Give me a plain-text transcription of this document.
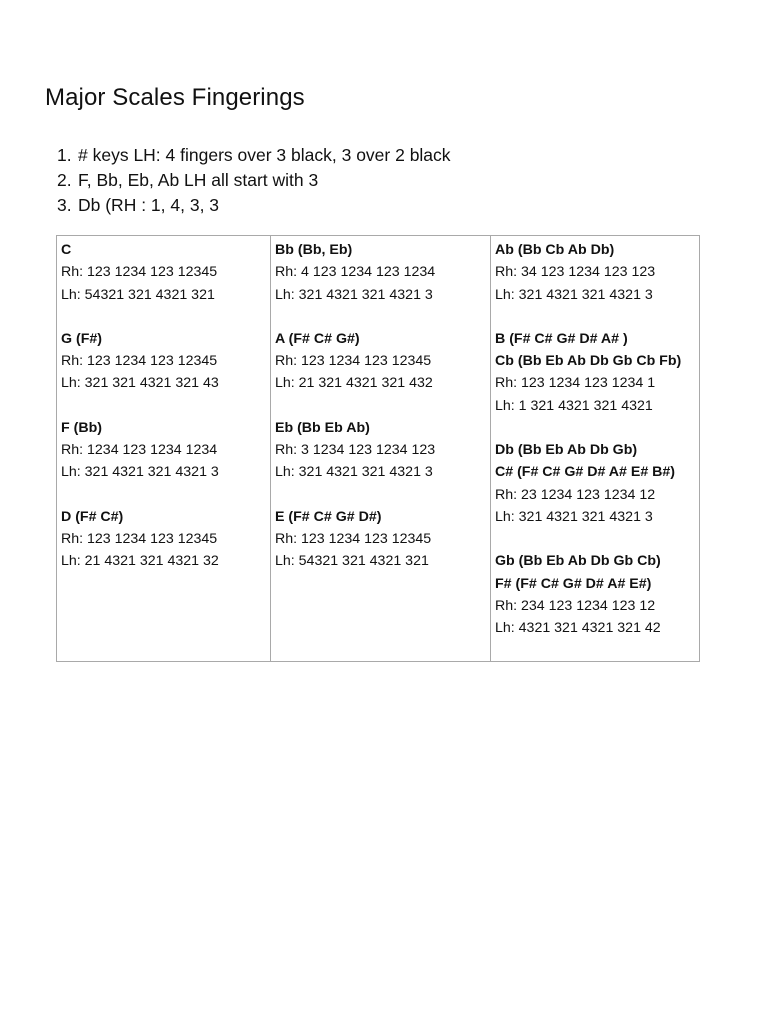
Major Scales Fingerings
1. # keys LH: 4 fingers over 3 black, 3 over 2 black
2. F, Bb, Eb, Ab LH all start with 3
3. Db (RH : 1, 4, 3, 3
C
Rh: 123 1234 123 12345
Lh: 54321 321 4321 321
G (F#)
Rh: 123 1234 123 12345
Lh: 321 321 4321 321 43
F (Bb)
Rh: 1234 123 1234 1234
Lh: 321 4321 321 4321 3
D (F# C#)
Rh: 123 1234 123 12345
Lh: 21 4321 321 4321 32

Bb (Bb, Eb)
Rh: 4 123 1234 123 1234
Lh: 321 4321 321 4321 3
A (F# C# G#)
Rh: 123 1234 123 12345
Lh: 21 321 4321 321 432
Eb (Bb Eb Ab)
Rh: 3 1234 123 1234 123
Lh: 321 4321 321 4321 3
E (F# C# G# D#)
Rh: 123 1234 123 12345
Lh: 54321 321 4321 321

Ab (Bb Cb Ab Db)
Rh: 34 123 1234 123 123
Lh: 321 4321 321 4321 3
B (F# C# G# D# A# )
Cb (Bb Eb Ab Db Gb Cb Fb)
Rh: 123 1234 123 1234 1
Lh: 1 321 4321 321 4321
Db (Bb Eb Ab Db Gb)
C# (F# C# G# D# A# E# B#)
Rh: 23 1234 123 1234 12
Lh: 321 4321 321 4321 3
Gb (Bb Eb Ab Db Gb Cb)
F# (F# C# G# D# A# E#)
Rh: 234 123 1234 123 12
Lh: 4321 321 4321 321 42
